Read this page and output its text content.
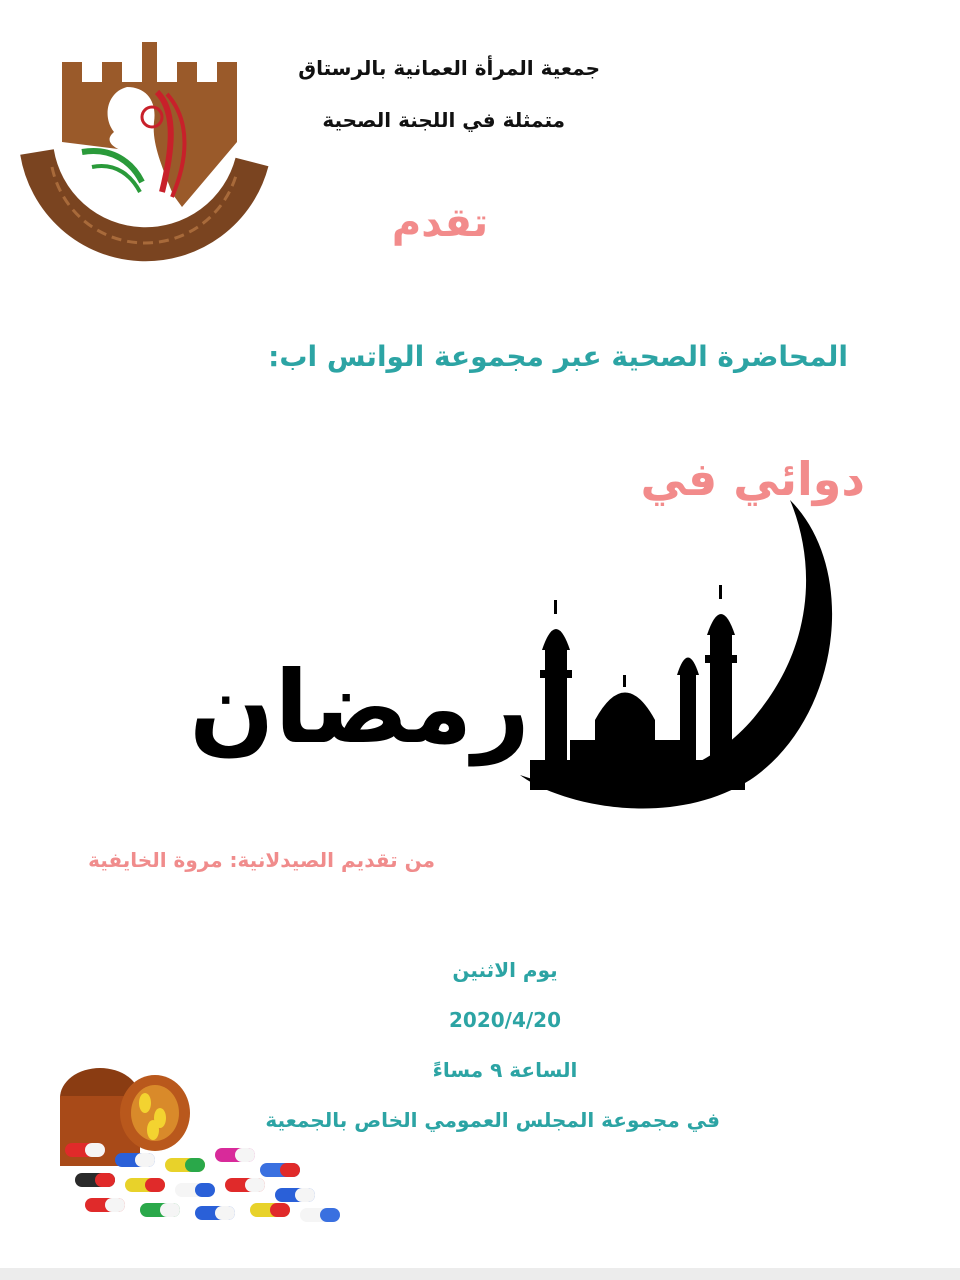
جمعية المرأة العمانية بالرستاق
متمثلة في اللجنة الصحية
تقدم
المحاضرة الصحية عبر مجموعة الواتس اب:
دوائي في
رمضان
من تقديم الصيدلانية: مروة الخايفية
يوم الاثنين
2020/4/20
الساعة ٩ مساءً
في مجموعة المجلس العمومي الخاص بالجمعية
